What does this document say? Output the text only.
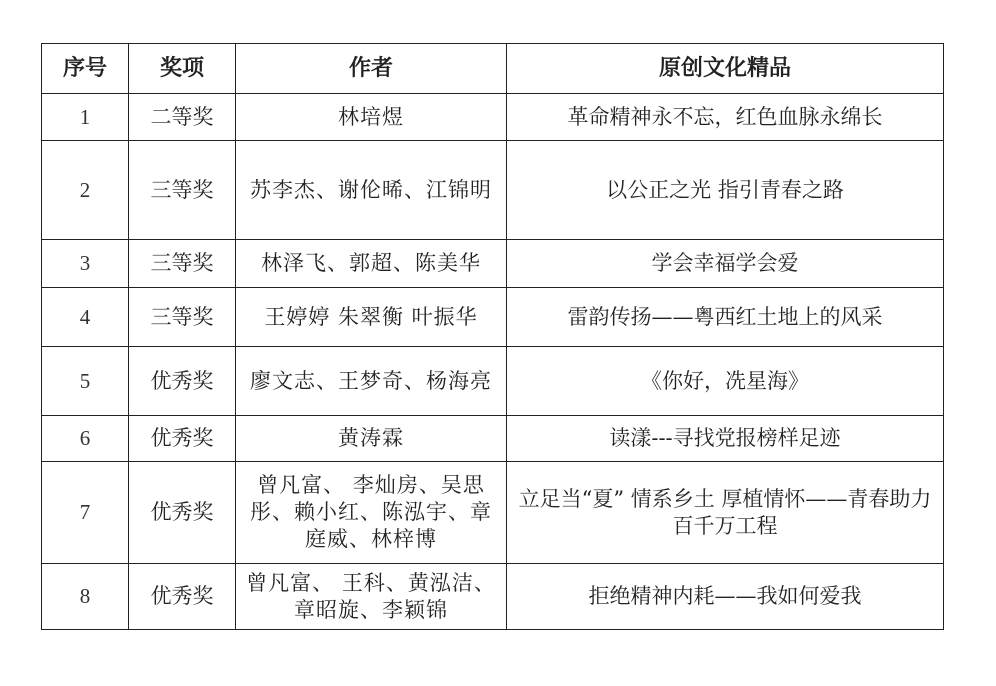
序号	奖项	作者	原创文化精品
1	二等奖	林培煜	革命精神永不忘，红色血脉永绵长
2	三等奖	苏李杰、谢伦晞、江锦明	以公正之光 指引青春之路
3	三等奖	林泽飞、郭超、陈美华	学会幸福学会爱
4	三等奖	王婷婷 朱翠衡 叶振华	雷韵传扬——粤西红土地上的风采
5	优秀奖	廖文志、王梦奇、杨海亮	《你好，冼星海》
6	优秀奖	黄涛霖	读漾---寻找党报榜样足迹
7	优秀奖	曾凡富、 李灿房、吴思彤、赖小红、陈泓宇、章庭威、林梓博	立足当“夏” 情系乡土 厚植情怀——青春助力百千万工程
8	优秀奖	曾凡富、 王科、黄泓洁、章昭旋、李颖锦	拒绝精神内耗——我如何爱我
